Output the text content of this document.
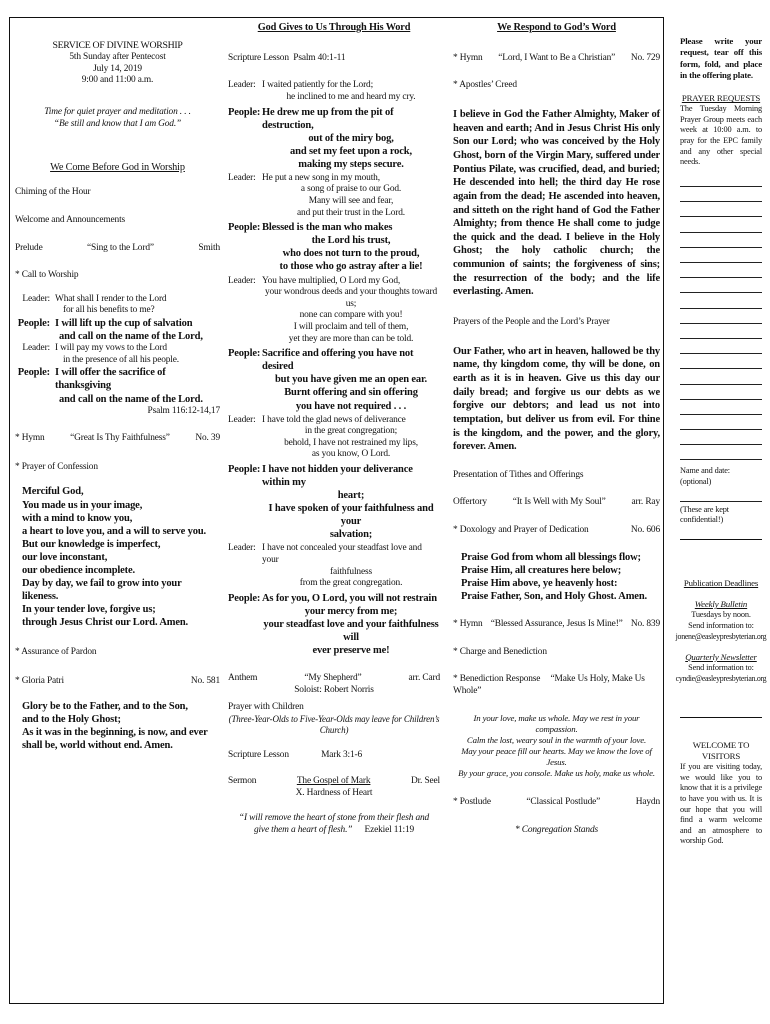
SERVICE OF DIVINE WORSHIP
5th Sunday after Pentecost
July 14, 2019
9:00 and 11:00 a.m.
Time for quiet prayer and meditation . . .
“Be still and know that I am God.”
We Come Before God in Worship
Chiming of the Hour
Welcome and Announcements
Prelude	“Sing to the Lord”	Smith
* Call to Worship
Leader: What shall I render to the Lord
for all his benefits to me?
People: I will lift up the cup of salvation
and call on the name of the Lord,
Leader: I will pay my vows to the Lord
in the presence of all his people.
People: I will offer the sacrifice of thanksgiving
and call on the name of the Lord.
Psalm 116:12-14,17
* Hymn	“Great Is Thy Faithfulness”	No. 39
* Prayer of Confession
Merciful God,
You made us in your image,
with a mind to know you,
a heart to love you, and a will to serve you.
But our knowledge is imperfect,
our love inconstant,
our obedience incomplete.
Day by day, we fail to grow into your likeness.
In your tender love, forgive us;
through Jesus Christ our Lord. Amen.
* Assurance of Pardon
* Gloria Patri	No. 581
Glory be to the Father, and to the Son,
and to the Holy Ghost;
As it was in the beginning, is now, and ever
shall be, world without end. Amen.
God Gives to Us Through His Word
Scripture Lesson Psalm 40:1-11
Leader: I waited patiently for the Lord;
he inclined to me and heard my cry.
People: He drew me up from the pit of destruction,
out of the miry bog,
and set my feet upon a rock,
making my steps secure.
Leader: He put a new song in my mouth,
a song of praise to our God.
Many will see and fear,
and put their trust in the Lord.
People: Blessed is the man who makes
the Lord his trust,
who does not turn to the proud,
to those who go astray after a lie!
Leader: You have multiplied, O Lord my God,
your wondrous deeds and your thoughts toward us;
none can compare with you!
I will proclaim and tell of them,
yet they are more than can be told.
People: Sacrifice and offering you have not desired
but you have given me an open ear.
Burnt offering and sin offering
you have not required . . .
Leader: I have told the glad news of deliverance
in the great congregation;
behold, I have not restrained my lips,
as you know, O Lord.
People: I have not hidden your deliverance within my
heart;
I have spoken of your faithfulness and your
salvation;
Leader: I have not concealed your steadfast love and your
faithfulness
from the great congregation.
People: As for you, O Lord, you will not restrain
your mercy from me;
your steadfast love and your faithfulness will
ever preserve me!
Anthem	“My Shepherd”	arr. Card
Soloist: Robert Norris
Prayer with Children
(Three-Year-Olds to Five-Year-Olds may leave for Children’s Church)
Scripture Lesson	Mark 3:1-6
Sermon	The Gospel of Mark	Dr. Seel
X. Hardness of Heart
“I will remove the heart of stone from their flesh and give them a heart of flesh.” Ezekiel 11:19
We Respond to God’s Word
* Hymn “Lord, I Want to Be a Christian” No. 729
* Apostles’ Creed
I believe in God the Father Almighty, Maker of heaven and earth; And in Jesus Christ His only Son our Lord; who was conceived by the Holy Ghost, born of the Virgin Mary, suffered under Pontius Pilate, was crucified, dead, and buried; He descended into hell; the third day He rose again from the dead; He ascended into heaven, and sitteth on the right hand of God the Father Almighty; from thence He shall come to judge the quick and the dead. I believe in the Holy Ghost; the holy catholic church; the communion of saints; the forgiveness of sins; the resurrection of the body; and the life everlasting. Amen.
Prayers of the People and the Lord’s Prayer
Our Father, who art in heaven, hallowed be thy name, thy kingdom come, thy will be done, on earth as it is in heaven. Give us this day our daily bread; and forgive us our debts as we forgive our debtors; and lead us not into temptation, but deliver us from evil. For thine is the kingdom, and the power, and the glory, forever. Amen.
Presentation of Tithes and Offerings
Offertory	“It Is Well with My Soul”	arr. Ray
* Doxology and Prayer of Dedication	No. 606
Praise God from whom all blessings flow;
Praise Him, all creatures here below;
Praise Him above, ye heavenly host:
Praise Father, Son, and Holy Ghost. Amen.
* Hymn “Blessed Assurance, Jesus Is Mine!” No. 839
* Charge and Benediction
* Benediction Response “Make Us Holy, Make Us Whole”
In your love, make us whole. May we rest in your compassion.
Calm the lost, weary soul in the warmth of your love.
May your peace fill our hearts. May we know the love of Jesus.
By your grace, you console. Make us holy, make us whole.
* Postlude	“Classical Postlude”	Haydn
* Congregation Stands
Please write your request, tear off this form, fold, and place in the offering plate.
PRAYER REQUESTS
The Tuesday Morning Prayer Group meets each week at 10:00 a.m. to pray for the EPC family and any other special needs.
Name and date: (optional)
(These are kept confidential!)
Publication Deadlines
Weekly Bulletin
Tuesdays by noon.
Send information to:
jonene@easleypresbyterian.org
Quarterly Newsletter
Send information to:
cyndie@easleypresbyterian.org
WELCOME TO
VISITORS
If you are visiting today, we would like you to know that it is a privilege to have you with us. It is our hope that you will find a warm welcome and an atmosphere to worship God.
